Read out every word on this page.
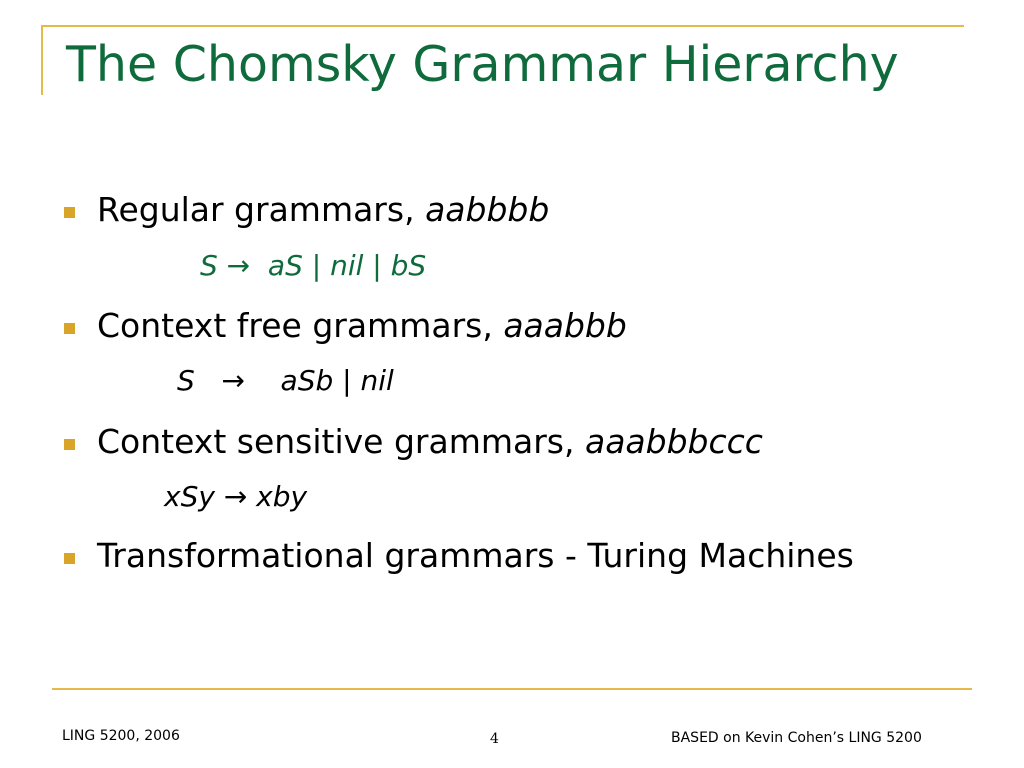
The Chomsky Grammar Hierarchy
Regular grammars, aabbbb
S →  aS | nil | bS
Context free grammars, aaabbb
S   →    aSb | nil
Context sensitive grammars, aaabbbccc
xSy → xby
Transformational grammars - Turing Machines
LING 5200, 2006	4	BASED on Kevin Cohen’s LING 5200
